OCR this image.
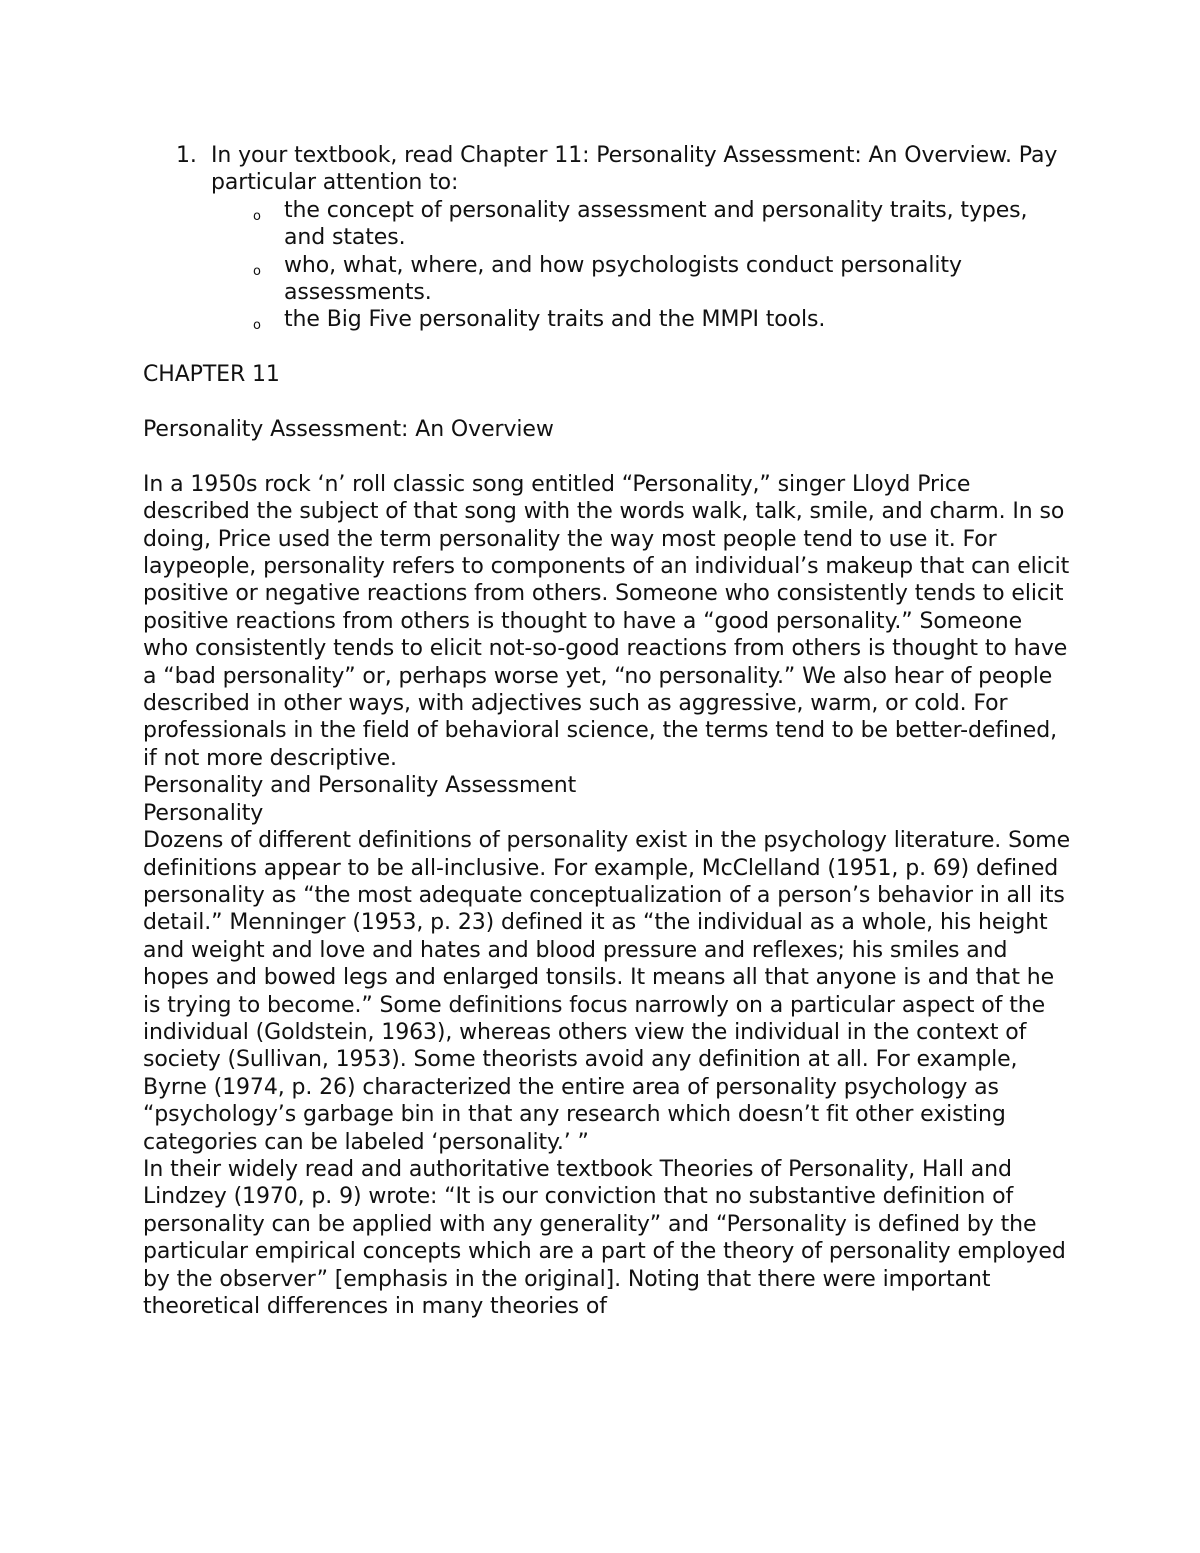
1. In your textbook, read Chapter 11: Personality Assessment: An Overview. Pay particular attention to:

o the concept of personality assessment and personality traits, types, and states.
o who, what, where, and how psychologists conduct personality assessments.
o the Big Five personality traits and the MMPI tools.

CHAPTER 11

Personality Assessment: An Overview

In a 1950s rock ‘n’ roll classic song entitled “Personality,” singer Lloyd Price described the subject of that song with the words walk, talk, smile, and charm. In so doing, Price used the term personality the way most people tend to use it. For laypeople, personality refers to components of an individual’s makeup that can elicit positive or negative reactions from others. Someone who consistently tends to elicit positive reactions from others is thought to have a “good personality.” Someone who consistently tends to elicit not-so-good reactions from others is thought to have a “bad personality” or, perhaps worse yet, “no personality.” We also hear of people described in other ways, with adjectives such as aggressive, warm, or cold. For professionals in the field of behavioral science, the terms tend to be better-defined, if not more descriptive.

Personality and Personality Assessment

Personality

Dozens of different definitions of personality exist in the psychology literature. Some definitions appear to be all-inclusive. For example, McClelland (1951, p. 69) defined personality as “the most adequate conceptualization of a person’s behavior in all its detail.” Menninger (1953, p. 23) defined it as “the individual as a whole, his height and weight and love and hates and blood pressure and reflexes; his smiles and hopes and bowed legs and enlarged tonsils. It means all that anyone is and that he is trying to become.” Some definitions focus narrowly on a particular aspect of the individual (Goldstein, 1963), whereas others view the individual in the context of society (Sullivan, 1953). Some theorists avoid any definition at all. For example, Byrne (1974, p. 26) characterized the entire area of personality psychology as “psychology’s garbage bin in that any research which doesn’t fit other existing categories can be labeled ‘personality.’ ”

In their widely read and authoritative textbook Theories of Personality, Hall and Lindzey (1970, p. 9) wrote: “It is our conviction that no substantive definition of personality can be applied with any generality” and “Personality is defined by the particular empirical concepts which are a part of the theory of personality employed by the observer” [emphasis in the original]. Noting that there were important theoretical differences in many theories of
